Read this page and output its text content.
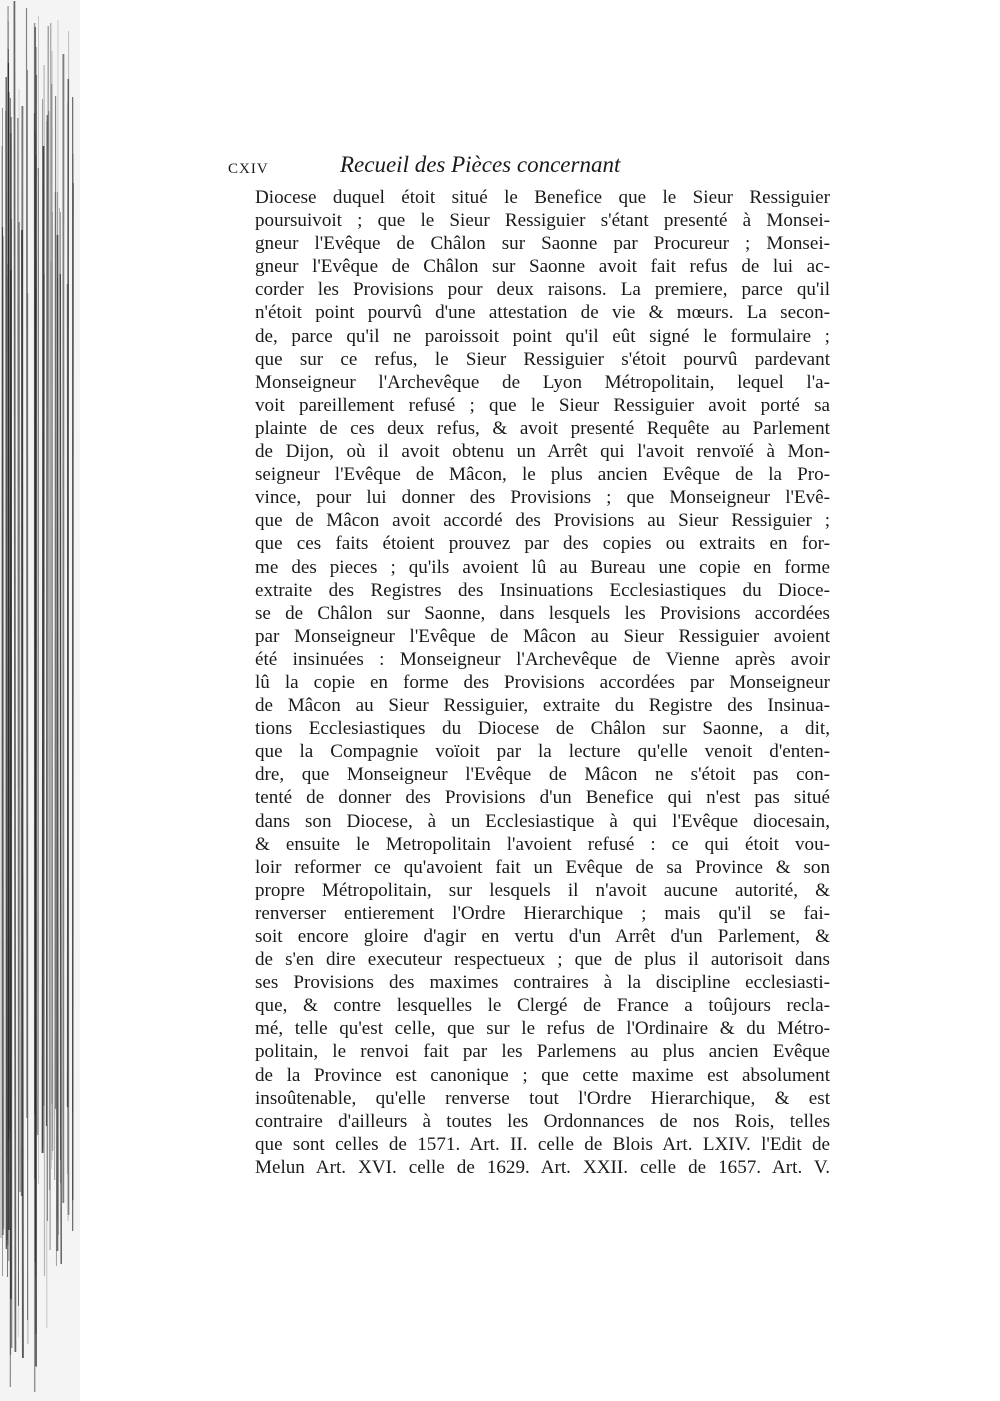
cxiv	Recueil des Pièces concernant
Diocese duquel étoit situé le Benefice que le Sieur Ressiguier
poursuivoit ; que le Sieur Ressiguier s'étant presenté à Monsei-
gneur l'Evêque de Châlon sur Saonne par Procureur ; Monsei-
gneur l'Evêque de Châlon sur Saonne avoit fait refus de lui ac-
corder les Provisions pour deux raisons. La premiere, parce qu'il
n'étoit point pourvû d'une attestation de vie & mœurs. La secon-
de, parce qu'il ne paroissoit point qu'il eût signé le formulaire ;
que sur ce refus, le Sieur Ressiguier s'étoit pourvû pardevant
Monseigneur l'Archevêque de Lyon Métropolitain, lequel l'a-
voit pareillement refusé ; que le Sieur Ressiguier avoit porté sa
plainte de ces deux refus, & avoit presenté Requête au Parlement
de Dijon, où il avoit obtenu un Arrêt qui l'avoit renvoïé à Mon-
seigneur l'Evêque de Mâcon, le plus ancien Evêque de la Pro-
vince, pour lui donner des Provisions ; que Monseigneur l'Evê-
que de Mâcon avoit accordé des Provisions au Sieur Ressiguier ;
que ces faits étoient prouvez par des copies ou extraits en for-
me des pieces ; qu'ils avoient lû au Bureau une copie en forme
extraite des Registres des Insinuations Ecclesiastiques du Dioce-
se de Châlon sur Saonne, dans lesquels les Provisions accordées
par Monseigneur l'Evêque de Mâcon au Sieur Ressiguier avoient
été insinuées : Monseigneur l'Archevêque de Vienne après avoir
lû la copie en forme des Provisions accordées par Monseigneur
de Mâcon au Sieur Ressiguier, extraite du Registre des Insinua-
tions Ecclesiastiques du Diocese de Châlon sur Saonne, a dit,
que la Compagnie voïoit par la lecture qu'elle venoit d'enten-
dre, que Monseigneur l'Evêque de Mâcon ne s'étoit pas con-
tenté de donner des Provisions d'un Benefice qui n'est pas situé
dans son Diocese, à un Ecclesiastique à qui l'Evêque diocesain,
& ensuite le Metropolitain l'avoient refusé : ce qui étoit vou-
loir reformer ce qu'avoient fait un Evêque de sa Province & son
propre Métropolitain, sur lesquels il n'avoit aucune autorité, &
renverser entierement l'Ordre Hierarchique ; mais qu'il se fai-
soit encore gloire d'agir en vertu d'un Arrêt d'un Parlement, &
de s'en dire executeur respectueux ; que de plus il autorisoit dans
ses Provisions des maximes contraires à la discipline ecclesiasti-
que, & contre lesquelles le Clergé de France a toûjours recla-
mé, telle qu'est celle, que sur le refus de l'Ordinaire & du Métro-
politain, le renvoi fait par les Parlemens au plus ancien Evêque
de la Province est canonique ; que cette maxime est absolument
insoûtenable, qu'elle renverse tout l'Ordre Hierarchique, & est
contraire d'ailleurs à toutes les Ordonnances de nos Rois, telles
que sont celles de 1571. Art. II. celle de Blois Art. LXIV. l'Edit de
Melun Art. XVI. celle de 1629. Art. XXII. celle de 1657. Art. V.
